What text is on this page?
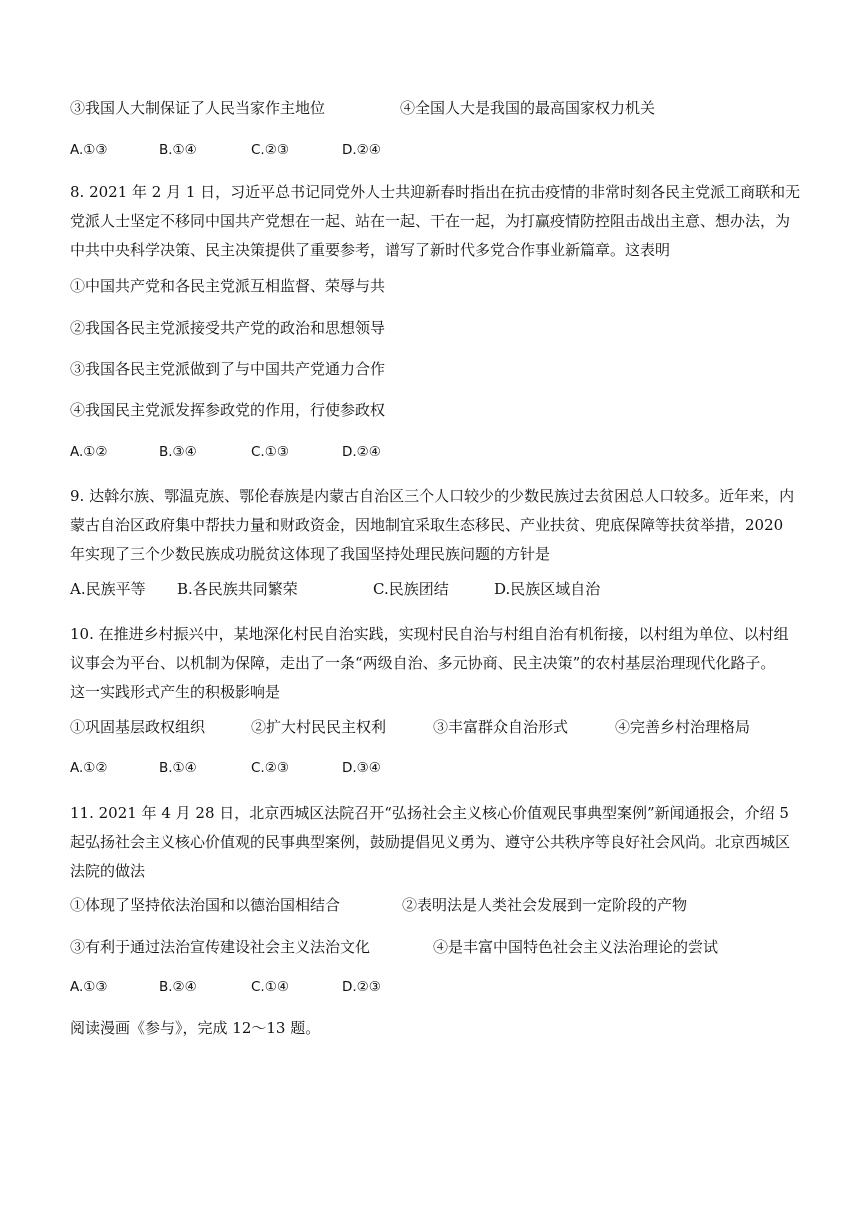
③我国人大制保证了人民当家作主地位	④全国人大是我国的最高国家权力机关
A.①③	B.①④	C.②③	D.②④
8. 2021 年 2 月 1 日，习近平总书记同党外人士共迎新春时指出在抗击疫情的非常时刻各民主党派工商联和无
党派人士坚定不移同中国共产党想在一起、站在一起、干在一起，为打赢疫情防控阻击战出主意、想办法，为
中共中央科学决策、民主决策提供了重要参考，谱写了新时代多党合作事业新篇章。这表明
①中国共产党和各民主党派互相监督、荣辱与共
②我国各民主党派接受共产党的政治和思想领导
③我国各民主党派做到了与中国共产党通力合作
④我国民主党派发挥参政党的作用，行使参政权
A.①②	B.③④	C.①③	D.②④
9. 达斡尔族、鄂温克族、鄂伦春族是内蒙古自治区三个人口较少的少数民族过去贫困总人口较多。近年来，内
蒙古自治区政府集中帮扶力量和财政资金，因地制宜采取生态移民、产业扶贫、兜底保障等扶贫举措，2020
年实现了三个少数民族成功脱贫这体现了我国坚持处理民族问题的方针是
A.民族平等 B.各民族共同繁荣	C.民族团结	D.民族区域自治
10. 在推进乡村振兴中，某地深化村民自治实践，实现村民自治与村组自治有机衔接，以村组为单位、以村组
议事会为平台、以机制为保障，走出了一条“两级自治、多元协商、民主决策”的农村基层治理现代化路子。
这一实践形式产生的积极影响是
①巩固基层政权组织	②扩大村民民主权利	③丰富群众自治形式	④完善乡村治理格局
A.①②	B.①④	C.②③	D.③④
11. 2021 年 4 月 28 日，北京西城区法院召开“弘扬社会主义核心价值观民事典型案例”新闻通报会，介绍 5
起弘扬社会主义核心价值观的民事典型案例，鼓励提倡见义勇为、遵守公共秩序等良好社会风尚。北京西城区
法院的做法
①体现了坚持依法治国和以德治国相结合	②表明法是人类社会发展到一定阶段的产物
③有利于通过法治宣传建设社会主义法治文化	④是丰富中国特色社会主义法治理论的尝试
A.①③	B.②④	C.①④	D.②③
阅读漫画《参与》，完成 12～13 题。
